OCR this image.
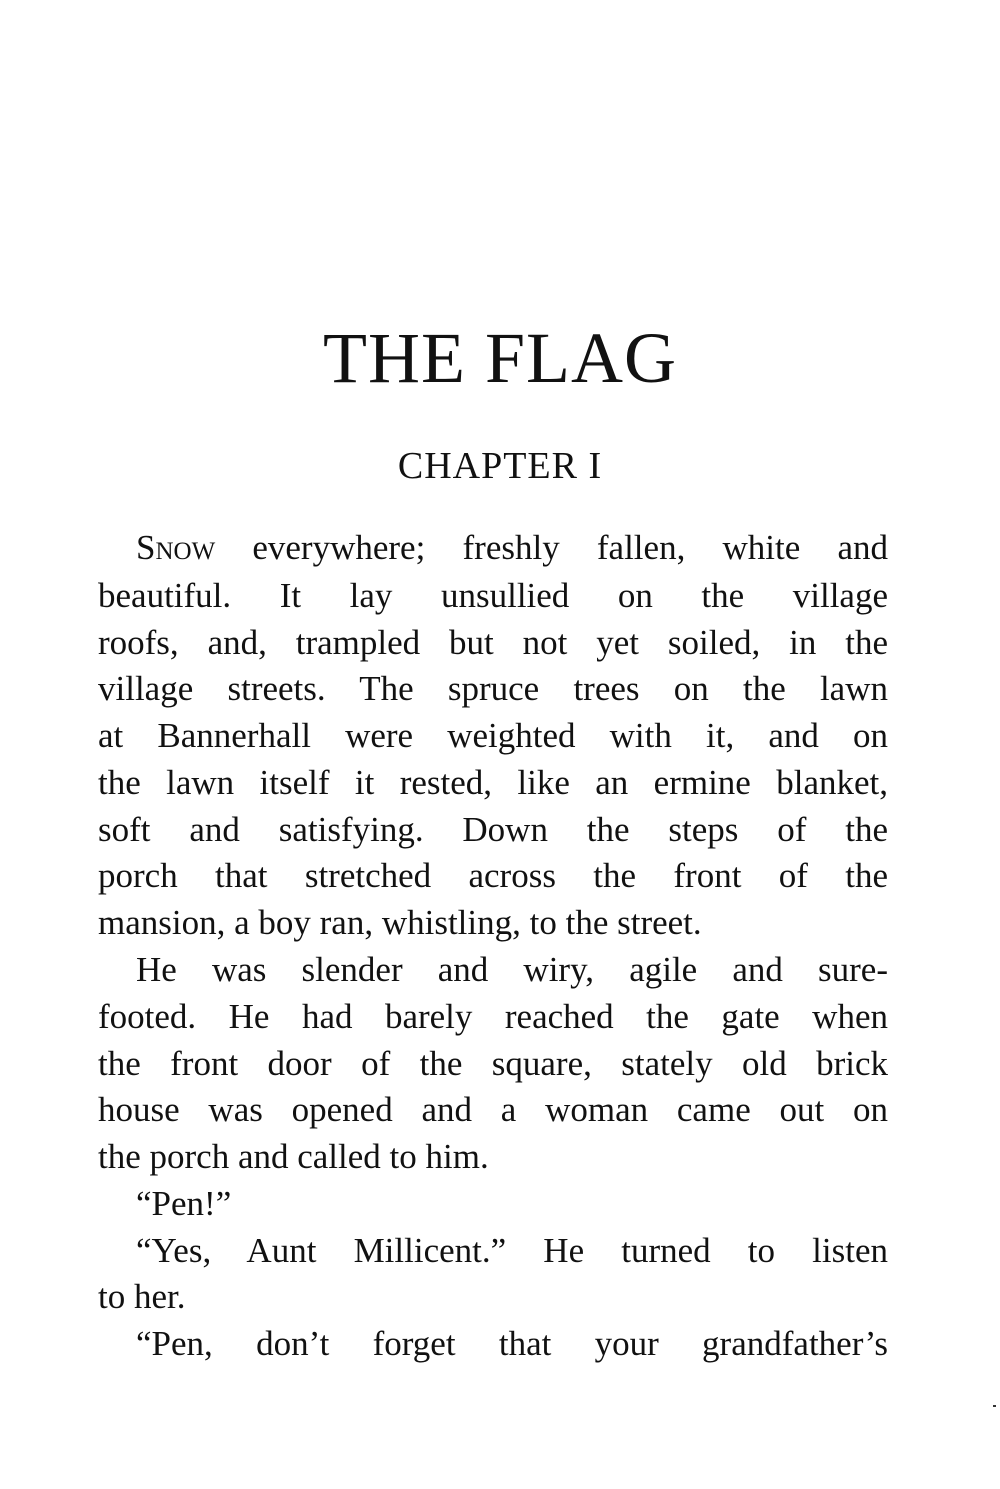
THE FLAG
CHAPTER I
Snow everywhere; freshly fallen, white and
beautiful. It lay unsullied on the village
roofs, and, trampled but not yet soiled, in the
village streets. The spruce trees on the lawn
at Bannerhall were weighted with it, and on
the lawn itself it rested, like an ermine blanket,
soft and satisfying. Down the steps of the
porch that stretched across the front of the
mansion, a boy ran, whistling, to the street.
He was slender and wiry, agile and sure-
footed. He had barely reached the gate when
the front door of the square, stately old brick
house was opened and a woman came out on
the porch and called to him.
“Pen!”
“Yes, Aunt Millicent.” He turned to listen
to her.
“Pen, don’t forget that your grandfather’s
